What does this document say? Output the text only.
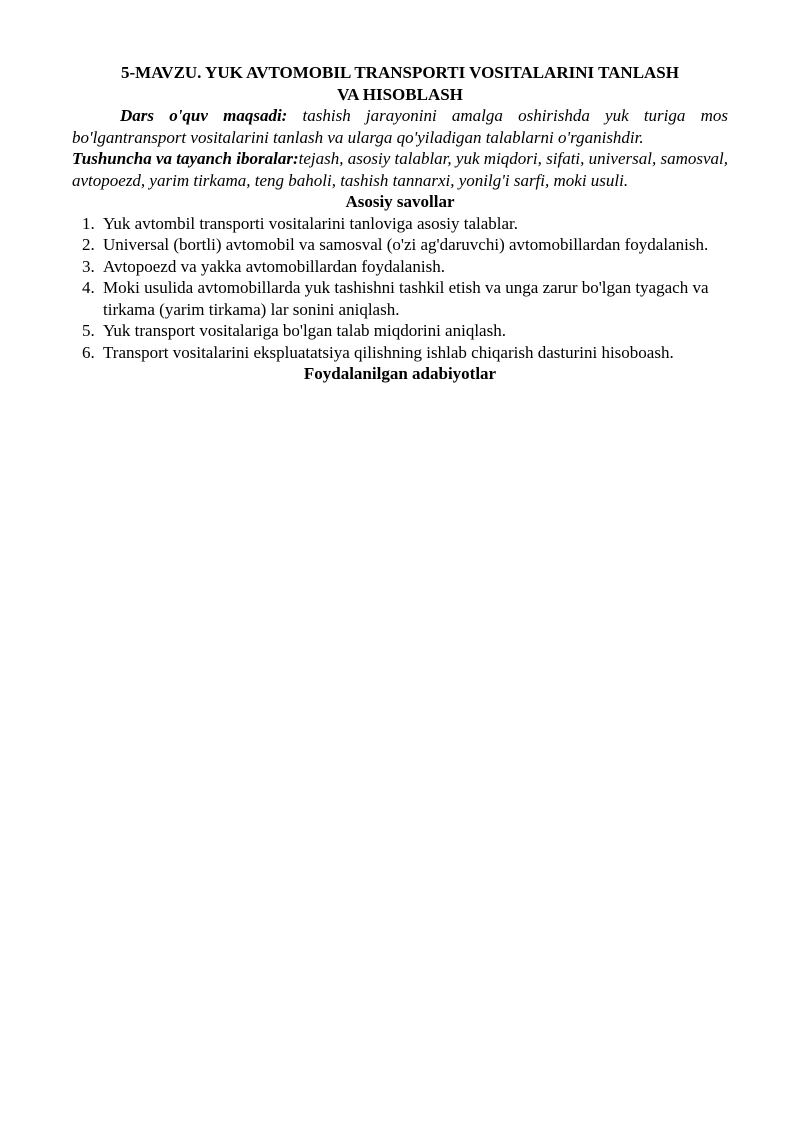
5-MAVZU. YUK AVTOMOBIL TRANSPORTI VOSITALARINI TANLASH
VA HISOBLASH

Dars o'quv maqsadi: tashish jarayonini amalga oshirishda yuk turiga mos bo'lgantransport vositalarini tanlash va ularga qo'yiladigan talablarni o'rganishdir.

Tushuncha va tayanch iboralar:tejash, asosiy talablar, yuk miqdori, sifati, universal, samosval, avtopoezd, yarim tirkama, teng baholi, tashish tannarxi, yonilg'i sarfi, moki usuli.

Asosiy savollar

1. Yuk avtombil transporti vositalarini tanloviga asosiy talablar.
2. Universal (bortli) avtomobil va samosval (o'zi ag'daruvchi) avtomobillardan foydalanish.
3. Avtopoezd va yakka avtomobillardan foydalanish.
4. Moki usulida avtomobillarda yuk tashishni tashkil etish va unga zarur bo'lgan tyagach va tirkama (yarim tirkama) lar sonini aniqlash.
5. Yuk transport vositalariga bo'lgan talab miqdorini aniqlash.
6. Transport vositalarini ekspluatatsiya qilishning ishlab chiqarish dasturini hisoboash.

Foydalanilgan adabiyotlar
